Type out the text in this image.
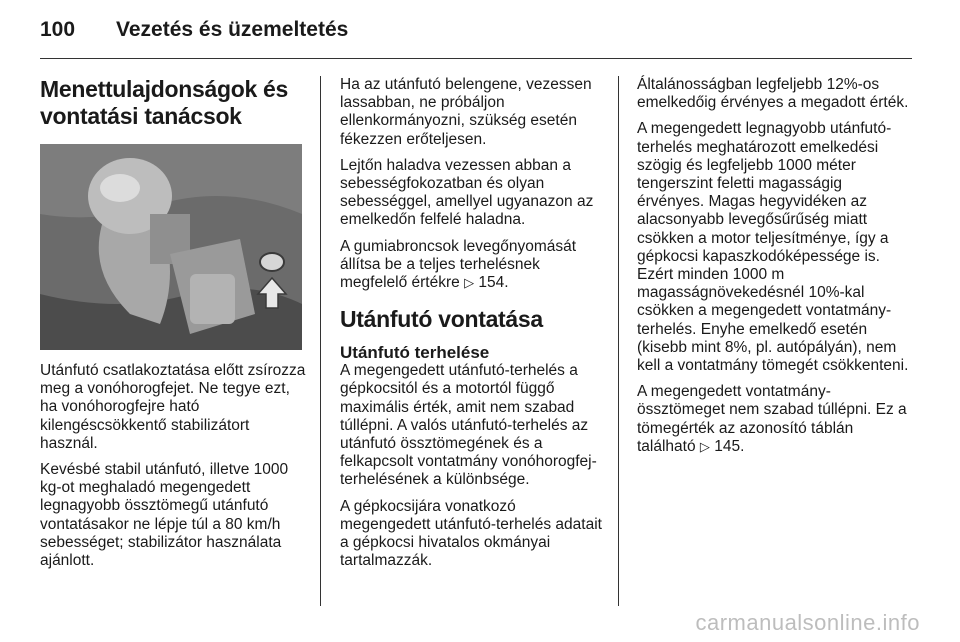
100 Vezetés és üzemeltetés
Menettulajdonságok és vontatási tanácsok

Utánfutó csatlakoztatása előtt zsírozza meg a vonóhorogfejet. Ne tegye ezt, ha vonóhorogfejre ható kilengéscsökkentő stabilizátort használ.

Kevésbé stabil utánfutó, illetve 1000 kg-ot meghaladó megengedett legnagyobb össztömegű utánfutó vontatásakor ne lépje túl a 80 km/h sebességet; stabilizátor használata ajánlott.

Ha az utánfutó belengene, vezessen lassabban, ne próbáljon ellenkormányozni, szükség esetén fékezzen erőteljesen.

Lejtőn haladva vezessen abban a sebességfokozatban és olyan sebességgel, amellyel ugyanazon az emelkedőn felfelé haladna.

A gumiabroncsok levegőnyomását állítsa be a teljes terhelésnek megfelelő értékre ▷ 154.

Utánfutó vontatása
Utánfutó terhelése

A megengedett utánfutó-terhelés a gépkocsitól és a motortól függő maximális érték, amit nem szabad túllépni. A valós utánfutó-terhelés az utánfutó össztömegének és a felkapcsolt vontatmány vonóhorogfej-terhelésének a különbsége.

A gépkocsijára vonatkozó megengedett utánfutó-terhelés adatait a gépkocsi hivatalos okmányai tartalmazzák.

Általánosságban legfeljebb 12%-os emelkedőig érvényes a megadott érték.

A megengedett legnagyobb utánfutó-terhelés meghatározott emelkedési szögig és legfeljebb 1000 méter tengerszint feletti magasságig érvényes. Magas hegyvidéken az alacsonyabb levegősűrűség miatt csökken a motor teljesítménye, így a gépkocsi kapaszkodóképessége is. Ezért minden 1000 m magasságnövekedésnél 10%-kal csökken a megengedett vontatmány-terhelés. Enyhe emelkedő esetén (kisebb mint 8%, pl. autópályán), nem kell a vontatmány tömegét csökkenteni.

A megengedett vontatmány-össztömeget nem szabad túllépni. Ez a tömegérték az azonosító táblán található ▷ 145.

carmanualsonline.info
